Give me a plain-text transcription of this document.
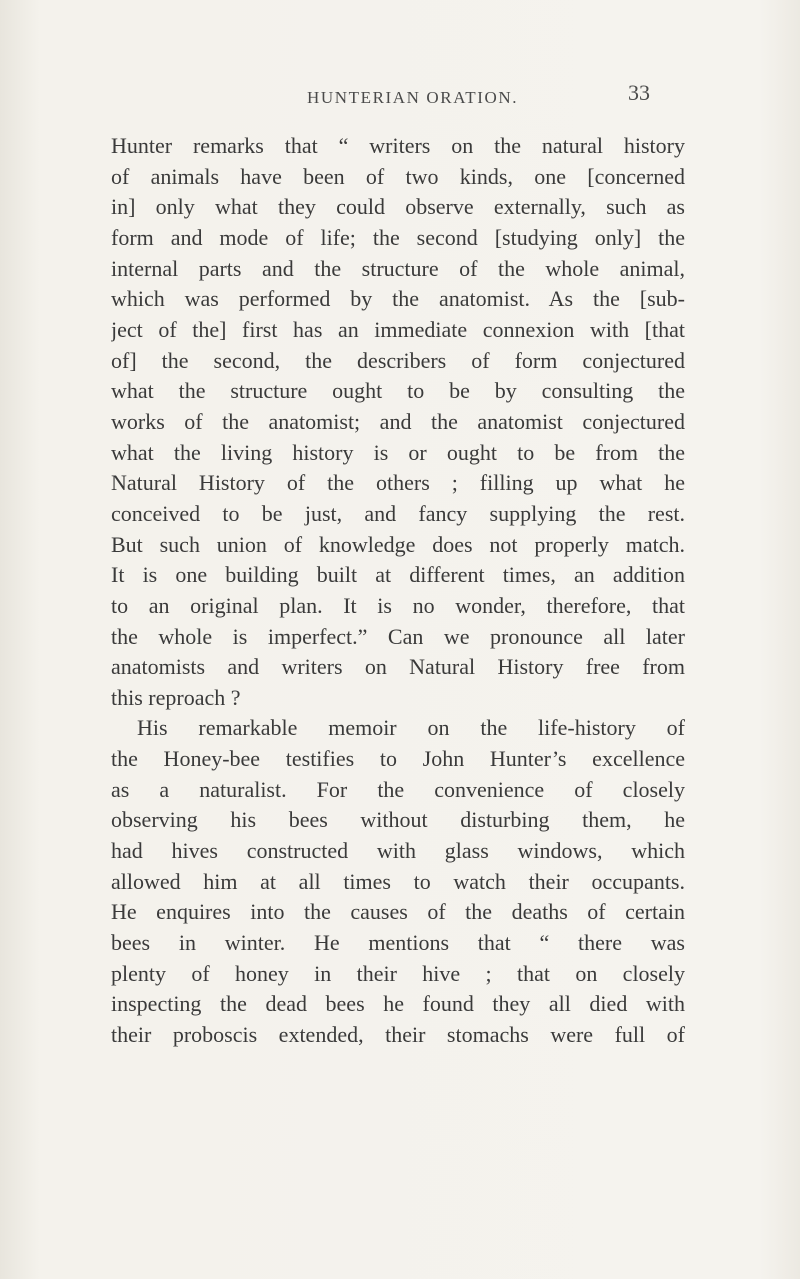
HUNTERIAN ORATION.	33
Hunter remarks that “ writers on the natural history
of animals have been of two kinds, one [concerned
in] only what they could observe externally, such as
form and mode of life; the second [studying only] the
internal parts and the structure of the whole animal,
which was performed by the anatomist. As the [sub-
ject of the] first has an immediate connexion with [that
of] the second, the describers of form conjectured
what the structure ought to be by consulting the
works of the anatomist; and the anatomist conjectured
what the living history is or ought to be from the
Natural History of the others ; filling up what he
conceived to be just, and fancy supplying the rest.
But such union of knowledge does not properly match.
It is one building built at different times, an addition
to an original plan. It is no wonder, therefore, that
the whole is imperfect.” Can we pronounce all later
anatomists and writers on Natural History free from
this reproach ?
His remarkable memoir on the life-history of
the Honey-bee testifies to John Hunter’s excellence
as a naturalist. For the convenience of closely
observing his bees without disturbing them, he
had hives constructed with glass windows, which
allowed him at all times to watch their occupants.
He enquires into the causes of the deaths of certain
bees in winter. He mentions that “ there was
plenty of honey in their hive ; that on closely
inspecting the dead bees he found they all died with
their proboscis extended, their stomachs were full of
